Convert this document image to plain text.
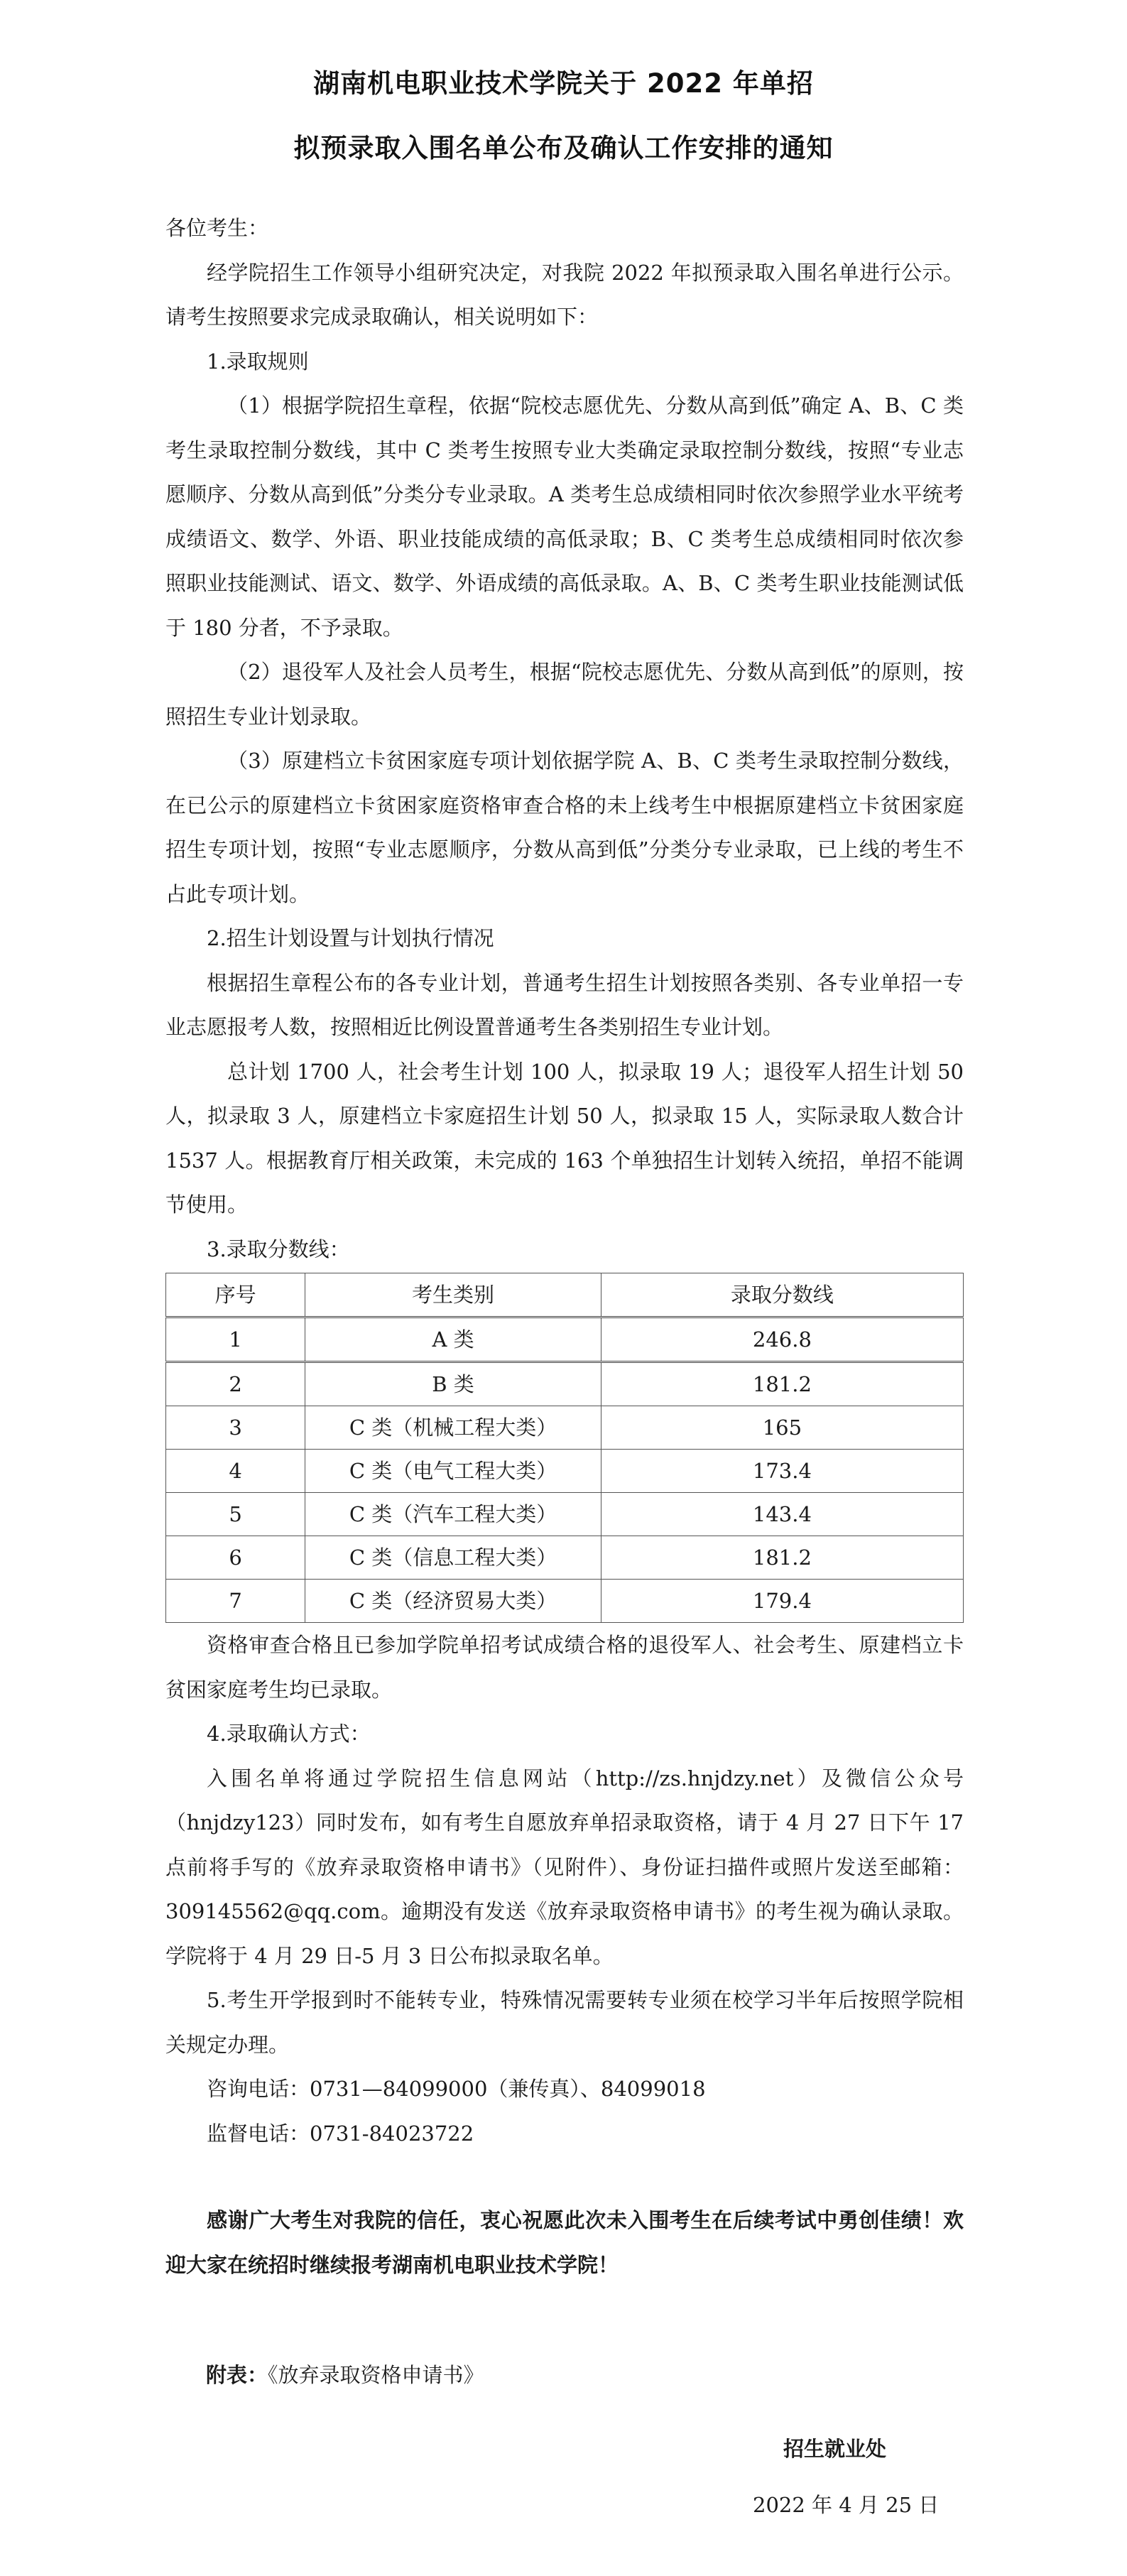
湖南机电职业技术学院关于 2022 年单招
拟预录取入围名单公布及确认工作安排的通知

各位考生：

经学院招生工作领导小组研究决定，对我院 2022 年拟预录取入围名单进行公示。请考生按照要求完成录取确认，相关说明如下：

1.录取规则

（1）根据学院招生章程，依据“院校志愿优先、分数从高到低”确定 A、B、C 类考生录取控制分数线，其中 C 类考生按照专业大类确定录取控制分数线，按照“专业志愿顺序、分数从高到低”分类分专业录取。A 类考生总成绩相同时依次参照学业水平统考成绩语文、数学、外语、职业技能成绩的高低录取；B、C 类考生总成绩相同时依次参照职业技能测试、语文、数学、外语成绩的高低录取。A、B、C 类考生职业技能测试低于 180 分者，不予录取。

（2）退役军人及社会人员考生，根据“院校志愿优先、分数从高到低”的原则，按照招生专业计划录取。

（3）原建档立卡贫困家庭专项计划依据学院 A、B、C 类考生录取控制分数线，在已公示的原建档立卡贫困家庭资格审查合格的未上线考生中根据原建档立卡贫困家庭招生专项计划，按照“专业志愿顺序，分数从高到低”分类分专业录取，已上线的考生不占此专项计划。

2.招生计划设置与计划执行情况

根据招生章程公布的各专业计划，普通考生招生计划按照各类别、各专业单招一专业志愿报考人数，按照相近比例设置普通考生各类别招生专业计划。

总计划 1700 人，社会考生计划 100 人，拟录取 19 人；退役军人招生计划 50 人，拟录取 3 人，原建档立卡家庭招生计划 50 人，拟录取 15 人，实际录取人数合计 1537 人。根据教育厅相关政策，未完成的 163 个单独招生计划转入统招，单招不能调节使用。

3.录取分数线：

序号	考生类别	录取分数线
1	A 类	246.8
2	B 类	181.2
3	C 类（机械工程大类）	165
4	C 类（电气工程大类）	173.4
5	C 类（汽车工程大类）	143.4
6	C 类（信息工程大类）	181.2
7	C 类（经济贸易大类）	179.4

资格审查合格且已参加学院单招考试成绩合格的退役军人、社会考生、原建档立卡贫困家庭考生均已录取。

4.录取确认方式：

入围名单将通过学院招生信息网站（http://zs.hnjdzy.net）及微信公众号（hnjdzy123）同时发布，如有考生自愿放弃单招录取资格，请于 4 月 27 日下午 17 点前将手写的《放弃录取资格申请书》（见附件）、身份证扫描件或照片发送至邮箱：309145562@qq.com。逾期没有发送《放弃录取资格申请书》的考生视为确认录取。学院将于 4 月 29 日-5 月 3 日公布拟录取名单。

5.考生开学报到时不能转专业，特殊情况需要转专业须在校学习半年后按照学院相关规定办理。

咨询电话：0731—84099000（兼传真）、84099018

监督电话：0731-84023722

感谢广大考生对我院的信任，衷心祝愿此次未入围考生在后续考试中勇创佳绩！欢迎大家在统招时继续报考湖南机电职业技术学院！

附表：《放弃录取资格申请书》
招生就业处
2022 年 4 月 25 日
